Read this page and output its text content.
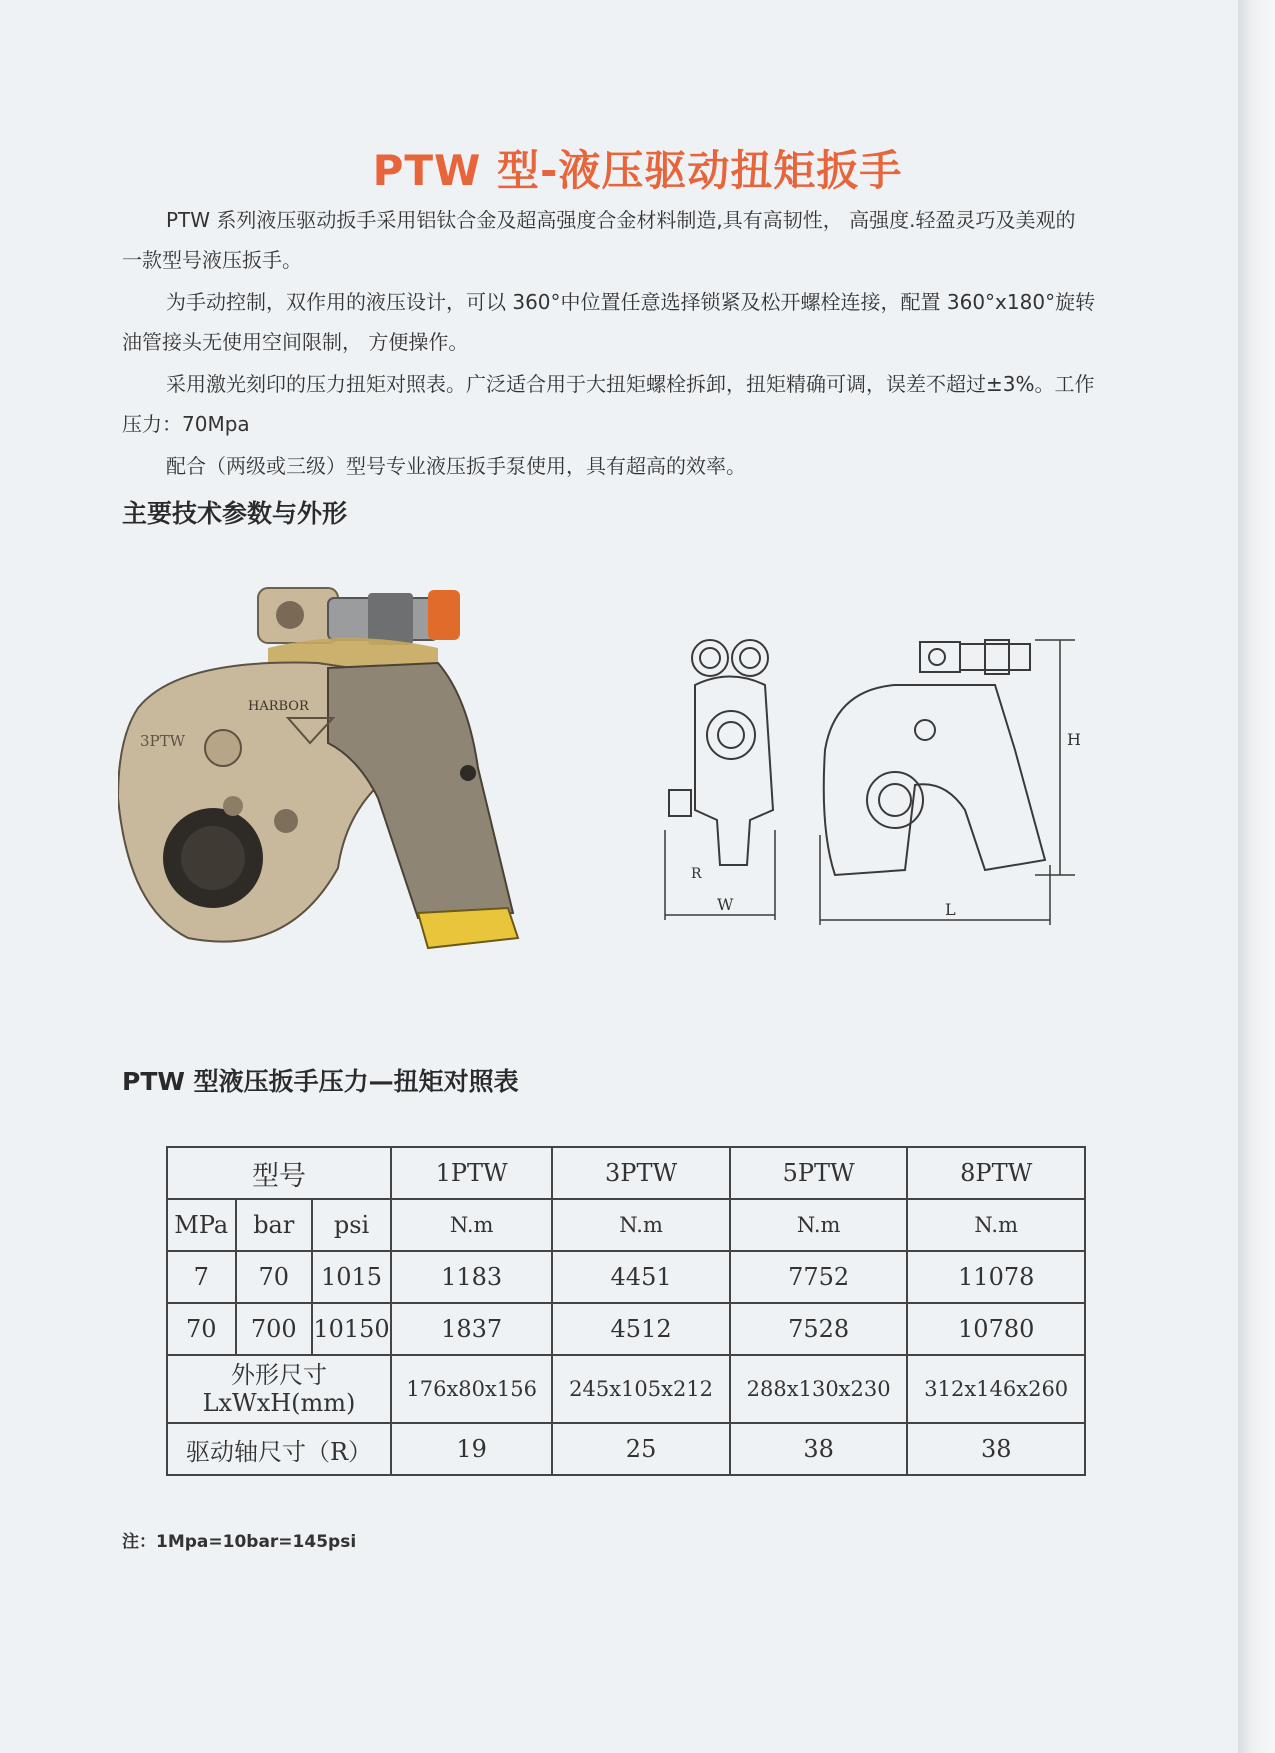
PTW 型-液压驱动扭矩扳手

PTW 系列液压驱动扳手采用铝钛合金及超高强度合金材料制造,具有高韧性， 高强度.轻盈灵巧及美观的
一款型号液压扳手。

为手动控制，双作用的液压设计，可以 360°中位置任意选择锁紧及松开螺栓连接，配置 360°x180°旋转
油管接头无使用空间限制， 方便操作。

采用激光刻印的压力扭矩对照表。广泛适合用于大扭矩螺栓拆卸，扭矩精确可调，误差不超过±3%。工作
压力：70Mpa

配合（两级或三级）型号专业液压扳手泵使用，具有超高的效率。

主要技术参数与外形
HARBOR
3PTW
W	L
H
R
PTW 型液压扳手压力—扭矩对照表
型号			1PTW	3PTW	5PTW	8PTW
MPa	bar	psi	N.m	N.m	N.m	N.m
7	70	1015	1183	4451	7752	11078
70	700	10150	1837	4512	7528	10780
外形尺寸
LxWxH(mm)			176x80x156	245x105x212	288x130x230	312x146x260
驱动轴尺寸（R）			19	25	38	38
注：1Mpa=10bar=145psi
